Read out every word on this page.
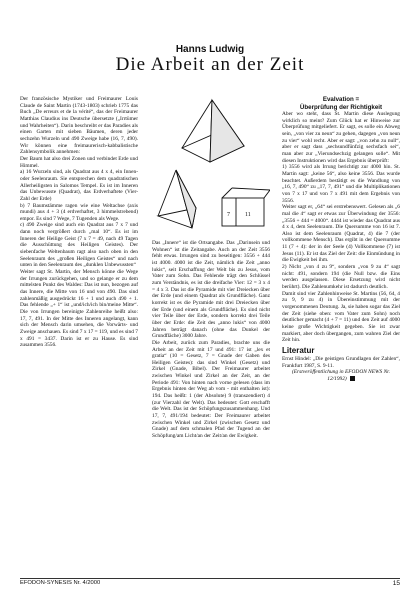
Hanns Ludwig
Die Arbeit an der Zeit

Der französische Mystiker und Freimaurer Louis Claude de Saint Martin (1743-1803) schrieb 1775 das Buch „De erreurs et de la vérité“, das der Freimaurer Matthias Claudius ins Deutsche übersetzte („Irrtümer und Wahrheiten“). Darin beschreibt er das Paradies als einen Garten mit sieben Bäumen, deren jeder sechzehn Wurzeln und 490 Zweige habe (16, 7, 490). Wir können eine freimaurerisch-kabbalistische Zahlensymbolik annehmen:

Der Baum hat also drei Zonen und verbindet Erde und Himmel.

a) 16 Wurzeln sind, als Quadrat aus 4 x 4, ein Innen- oder Seelenraum. Sie entsprechen dem quadratischen Allerheiligsten in Salomos Tempel. Es ist im Inneren das Unbewusste (Quadrat), das Erdverhaftete (Vier-Zahl der Erde)

b) 7 Baumstämme ragen wie eine Weltachse (axis mundi) aus 4 + 3 (4 erdverhaftet, 3 himmelstrebend) empor. Es sind 7 Wege, 7 Tugenden als Wege.

c) 490 Zweige sind auch ein Quadrat aus 7 x 7 und dann noch vergrößert durch „mal 10“. Es ist im Inneren der Heilige Geist (7 x 7 = 49, nach 49 Tagen die Ausschüttung des Heiligen Geistes). Der siebenfache Weltenbaum ragt also nach oben in den Seelenraum des „großen Heiligen Geistes“ und nach unten in den Seelenraum des „dunklen Unbewussten“

Weiter sagt St. Martin, der Mensch könne die Wege der Irrungen zurückgehen, und so gelange er zu dem mittelsten Punkt des Waldes: Das ist nun, bezogen auf das Innere, die Mitte von 16 und von 490. Das sind zahlenmäßig ausgedrückt 16 + 1 und auch 490 + 1. Das fehlende „+ 1“ ist „und/ich/ich bin/meine Mitte“. Die von Irrungen bereinigte Zahlenreihe heißt also: 17, 7, 491. In der Mitte des Inneren angelangt, kann sich der Mensch darin umsehen, die Vorwärts- und Zweige anschauen. Es sind 7 x 17 = 119, und es sind 7 x 491 = 3437. Darin ist er zu Hause. Es sind zusammen 3556.

7	11

Das „Innere“ ist die Ortsangabe. Das „Darinsein und Wohnen“ ist die Zeitangabe. Auch an der Zeit 3556 fehlt etwas. Irrungen sind zu beseitigen: 3556 + 444 ist 4000. 4000 ist die Zeit, nämlich die Zeit „anno lukis“, seit Erschaffung der Welt bis zu Jesus, vom Vater zum Sohn. Das Fehlende trägt den Schlüssel zum Verständnis, es ist die dreifache Vier: 12 = 3 x 4 = 4 x 3. Das ist die Pyramide mit vier Dreiecken über der Erde (und einem Quadrat als Grundfläche). Ganz korrekt ist es die Pyramide mit drei Dreiecken über der Erde (und einem als Grundfläche). Es sind nicht vier Teile über der Erde, sondern korrekt drei Teile über der Erde: die Zeit des „anno lukis“ von 4000 Jahren beträgt danach (ohne das Dunkel der Grundfläche) 3000 Jahre.

Die Arbeit, zurück zum Paradies, brachte uns die Arbeit an der Zeit mit 17 und 491: 17 ist „lex et gratia“ (10 = Gesetz, 7 = Gnade der Gaben des Heiligen Geistes): das sind Winkel (Gesetz) und Zirkel (Gnade, Bibel). Der Freimaurer arbeitet zwischen Winkel und Zirkel an der Zeit, an der Periode 491: Von hinten nach vorne gelesen (dass im Ergebnis hinten der Weg ab vom - mit enthalten ist): 194. Das heißt: 1 (der Absolute) 9 (transzendiert) 4 (zur Vierzahl der Welt). Das bedeutet: Gott erschafft die Welt. Das ist der Schöpfungszusammenhang. Und 17, 7, 491/194 bedeutet: Der Freimaurer arbeitet zwischen Winkel und Zirkel (zwischen Gesetz und Gnade) auf dem schmalen Pfad der Tugend an der Schöpfung/am Licht/an der Zeit/an der Ewigkeit.

Evalvation =
Überprüfung der Richtigkeit

Aber wo steht, dass St. Martin diese Auslegung wirklich so meint? Zum Glück hat er Hinweise zur Überprüfung mitgeliefert. Er sagt, es solle ein Abweg sein, „von vier zu neun“ zu gehen, dagegen „von neun zu vier“ wohl recht. Aber er sagt: „von zehn zu null“, aber er sagt dass „sechsundfünfzig sechsfach sei“, man aber zur „Vierundsechzig gelangen solle“. Mit diesen Instruktionen wird das Ergebnis überprüft:

1) 3556 wird als Irrung berichtigt zur 4000 hin. St. Martin sagt: „keine 56“, also keine 3556. Das wurde beachtet. Außerdem bestätigt es die Wandlung von „16, 7, 490“ zu „17, 7, 491“ und die Multiplikationen von 7 x 17 und von 7 x 491 mit dem Ergebnis von 3556.

Weiter sagt er, „64“ sei erstrebenswert. Gelesen als „6 mal die 4“ sagt er etwas zur Überwindung der 3556: „3556 + 444 = 4000“. 4444 ist wieder das Quadrat aus 4 x 4, dem Seelenraum. Die Quersumme von 16 ist 7. Also ist dem Seelenraum (Quadrat, 4) die 7 (der vollkommene Mensch). Das ergibt in der Quersumme 11 (7 + 4): der in der Seele (4) Vollkommene (7) ist Jesus (11). Er ist das Ziel der Zeit: die Einmündung in die Ewigkeit bei ihm.

2) Nicht „von 4 zu 9“, sondern „von 9 zu 4“ sagt nicht: 491, sondern 194 (die Null bzw. die Eins werden ausgelassen. Diese Ersetzung wird nicht berührt). Die Zahlenumkehr ist dadurch deutlich.

Damit sind vier Zahlenhinweise St. Martins (56, 64, 4 zu 9, 9 zu 4) in Übereinstimmung mit der vorgenommenen Deutung. Ja, sie haben sogar das Ziel der Zeit (siehe oben: vom Vater zum Sohn) noch deutlicher gemacht (4 + 7 = 11) und den Zeit auf 4000 keine große Wichtigkeit gegeben. Sie ist zwar markiert, aber doch übergangen, zum wahren Ziel der Zeit hin.

Literatur
Ernst Hindel: „Die geistigen Grundlagen der Zahlen“, Frankfurt 1987, S. 9-11.
(Erstveröffentlichung in EFODON NEWS Nr. 12/1992)
EFODON-SYNESIS Nr. 4/2000	15
